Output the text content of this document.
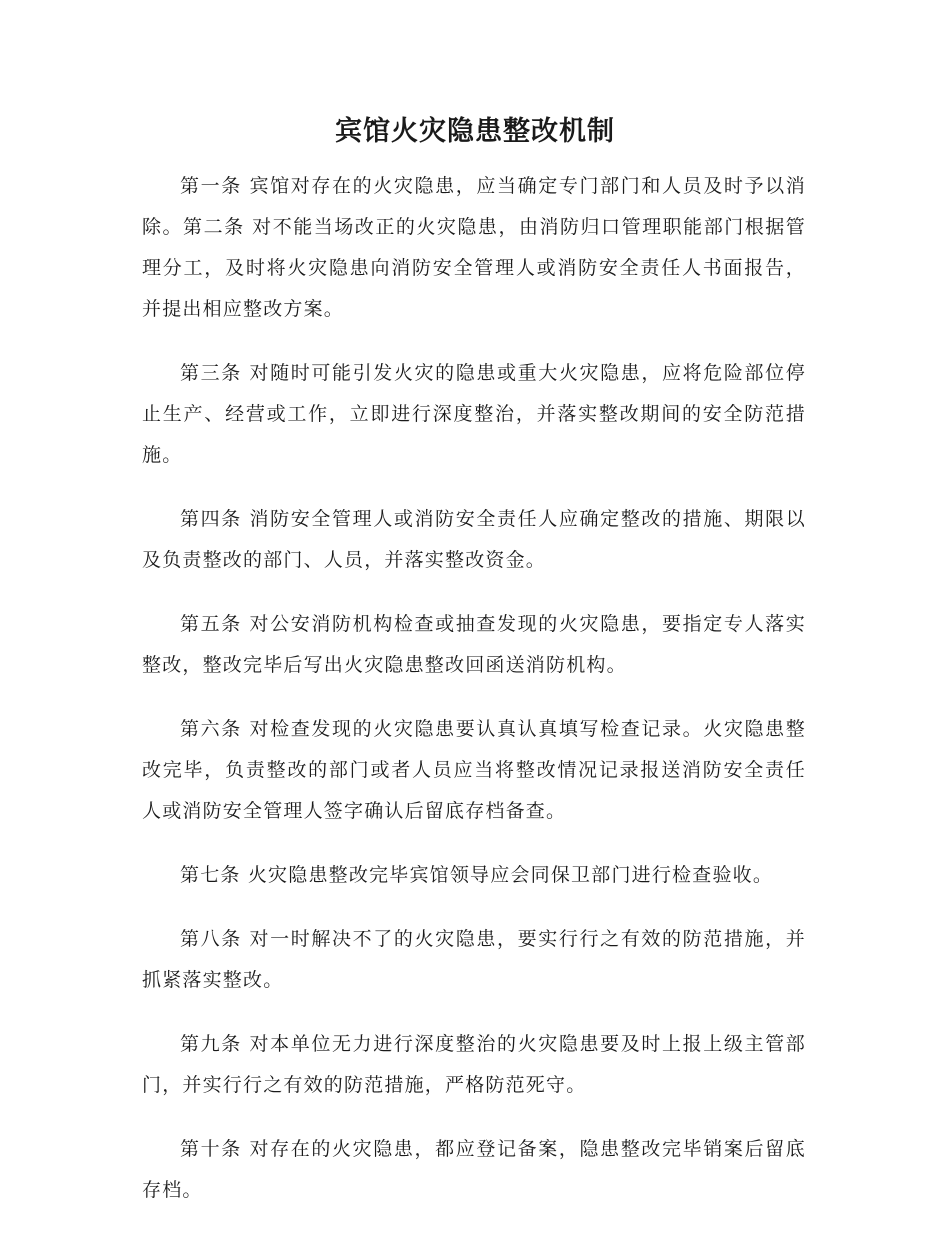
宾馆火灾隐患整改机制

第一条 宾馆对存在的火灾隐患，应当确定专门部门和人员及时予以消除。第二条 对不能当场改正的火灾隐患，由消防归口管理职能部门根据管理分工，及时将火灾隐患向消防安全管理人或消防安全责任人书面报告，并提出相应整改方案。

第三条 对随时可能引发火灾的隐患或重大火灾隐患，应将危险部位停止生产、经营或工作，立即进行深度整治，并落实整改期间的安全防范措施。

第四条 消防安全管理人或消防安全责任人应确定整改的措施、期限以及负责整改的部门、人员，并落实整改资金。

第五条 对公安消防机构检查或抽查发现的火灾隐患，要指定专人落实整改，整改完毕后写出火灾隐患整改回函送消防机构。

第六条 对检查发现的火灾隐患要认真认真填写检查记录。火灾隐患整改完毕，负责整改的部门或者人员应当将整改情况记录报送消防安全责任人或消防安全管理人签字确认后留底存档备查。

第七条 火灾隐患整改完毕宾馆领导应会同保卫部门进行检查验收。

第八条 对一时解决不了的火灾隐患，要实行行之有效的防范措施，并抓紧落实整改。

第九条 对本单位无力进行深度整治的火灾隐患要及时上报上级主管部门，并实行行之有效的防范措施，严格防范死守。

第十条 对存在的火灾隐患，都应登记备案，隐患整改完毕销案后留底存档。
